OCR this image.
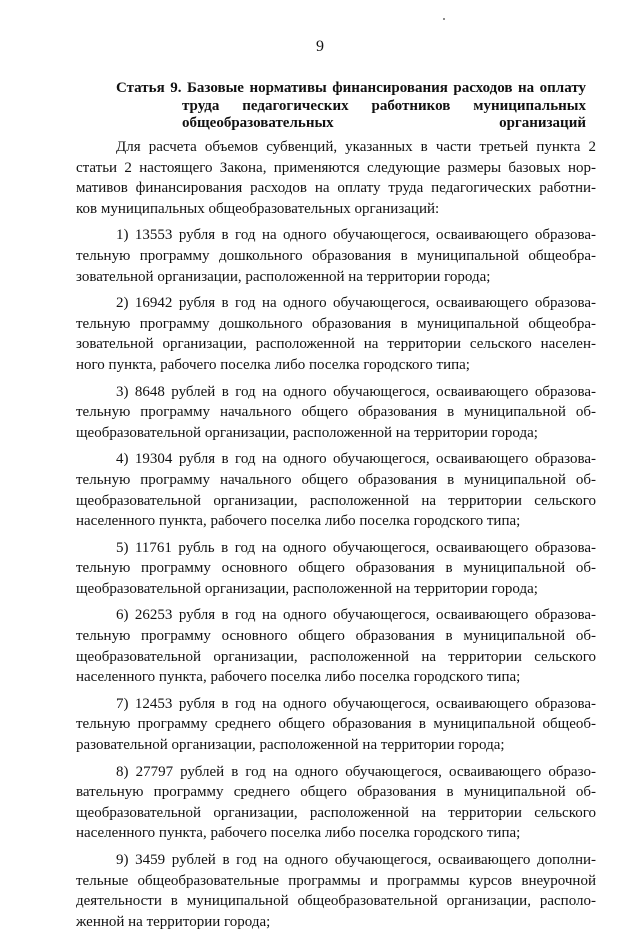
9
Статья 9. Базовые нормативы финансирования расходов на оплату
труда педагогических работников муниципальных
общеобразовательных организаций
Для расчета объемов субвенций, указанных в части третьей пункта 2
статьи 2 настоящего Закона, применяются следующие размеры базовых нор-
мативов финансирования расходов на оплату труда педагогических работни-
ков муниципальных общеобразовательных организаций:
1) 13553 рубля в год на одного обучающегося, осваивающего образова-
тельную программу дошкольного образования в муниципальной общеобра-
зовательной организации, расположенной на территории города;
2) 16942 рубля в год на одного обучающегося, осваивающего образова-
тельную программу дошкольного образования в муниципальной общеобра-
зовательной организации, расположенной на территории сельского населен-
ного пункта, рабочего поселка либо поселка городского типа;
3) 8648 рублей в год на одного обучающегося, осваивающего образова-
тельную программу начального общего образования в муниципальной об-
щеобразовательной организации, расположенной на территории города;
4) 19304 рубля в год на одного обучающегося, осваивающего образова-
тельную программу начального общего образования в муниципальной об-
щеобразовательной организации, расположенной на территории сельского
населенного пункта, рабочего поселка либо поселка городского типа;
5) 11761 рубль в год на одного обучающегося, осваивающего образова-
тельную программу основного общего образования в муниципальной об-
щеобразовательной организации, расположенной на территории города;
6) 26253 рубля в год на одного обучающегося, осваивающего образова-
тельную программу основного общего образования в муниципальной об-
щеобразовательной организации, расположенной на территории сельского
населенного пункта, рабочего поселка либо поселка городского типа;
7) 12453 рубля в год на одного обучающегося, осваивающего образова-
тельную программу среднего общего образования в муниципальной общеоб-
разовательной организации, расположенной на территории города;
8) 27797 рублей в год на одного обучающегося, осваивающего образо-
вательную программу среднего общего образования в муниципальной об-
щеобразовательной организации, расположенной на территории сельского
населенного пункта, рабочего поселка либо поселка городского типа;
9) 3459 рублей в год на одного обучающегося, осваивающего дополни-
тельные общеобразовательные программы и программы курсов внеурочной
деятельности в муниципальной общеобразовательной организации, располо-
женной на территории города;
